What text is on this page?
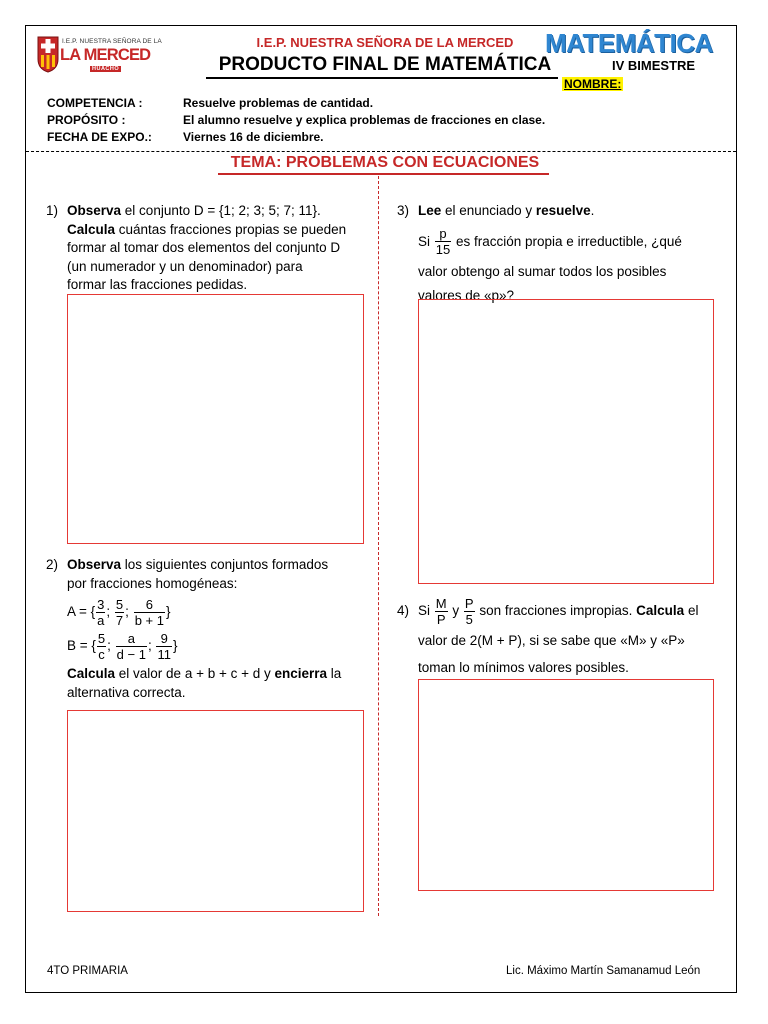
I.E.P. NUESTRA SEÑORA DE LA
LA MERCED
HUACHO
I.E.P. NUESTRA SEÑORA DE LA MERCED
PRODUCTO FINAL DE MATEMÁTICA
MATEMÁTICA
IV BIMESTRE
NOMBRE:
COMPETENCIA :	Resuelve problemas de cantidad.
PROPÓSITO :	El alumno resuelve y explica problemas de fracciones en clase.
FECHA DE EXPO.:	Viernes 16 de diciembre.
TEMA: PROBLEMAS CON ECUACIONES
1) Observa el conjunto D = {1; 2; 3; 5; 7; 11}.
Calcula cuántas fracciones propias se pueden
formar al tomar dos elementos del conjunto D
(un numerador y un denominador) para
formar las fracciones pedidas.
2) Observa los siguientes conjuntos formados
por fracciones homogéneas:
A = { $\frac{3}{a}$ ; $\frac{5}{7}$ ; $\frac{6}{b + 1}$ }
B = { $\frac{5}{c}$ ; $\frac{a}{d - 1}$ ; $\frac{9}{11}$ }
Calcula el valor de a + b + c + d y encierra la
alternativa correcta.
3) Lee el enunciado y resuelve.
Si $\frac{p}{15}$ es fracción propia e irreductible, ¿qué
valor obtengo al sumar todos los posibles
valores de «p»?
4) Si $\frac{M}{P}$ y $\frac{P}{5}$ son fracciones impropias. Calcula el
valor de 2(M + P), si se sabe que «M» y «P»
toman lo mínimos valores posibles.
4TO PRIMARIA	Lic. Máximo Martín Samanamud León
